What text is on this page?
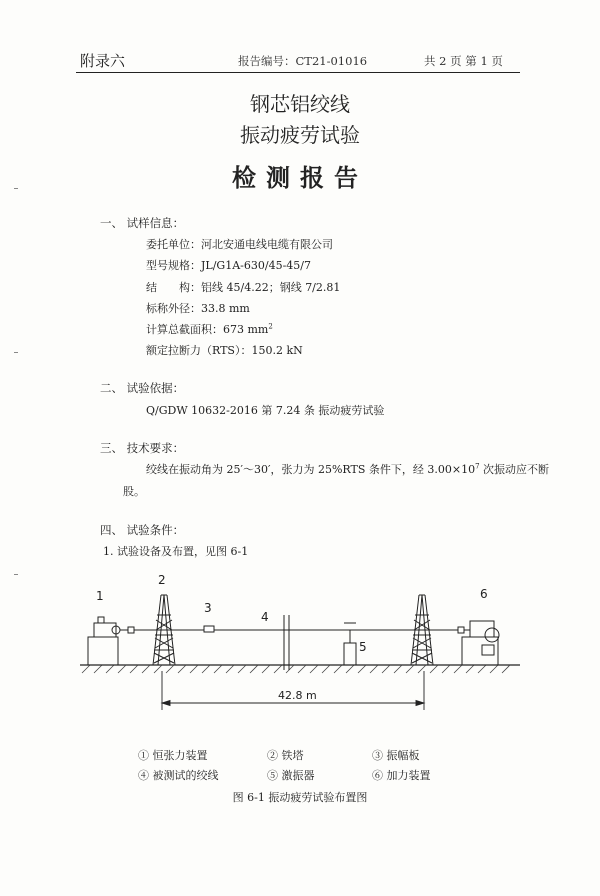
附录六	报告编号：CT21-01016	共 2 页 第 1 页
钢芯铝绞线
振动疲劳试验
检测报告
一、 试样信息：
委托单位：河北安通电线电缆有限公司
型号规格：JL/G1A-630/45-45/7
结　　构：铝线 45/4.22；钢线 7/2.81
标称外径：33.8 mm
计算总截面积：673 $mm^2$
额定拉断力（RTS）：150.2 kN
二、 试验依据：
Q/GDW 10632-2016 第 7.24 条 振动疲劳试验
三、 技术要求：
绞线在振动角为 25′～30′，张力为 25%RTS 条件下，经 $3.00\times 10^7$ 次振动应不断
股。
四、 试验条件：
1. 试验设备及布置，见图 6-1
1
2
3
4
5
6
42.8 m
① 恒张力装置	② 铁塔	③ 振幅板
④ 被测试的绞线	⑤ 激振器	⑥ 加力装置
图 6-1 振动疲劳试验布置图
